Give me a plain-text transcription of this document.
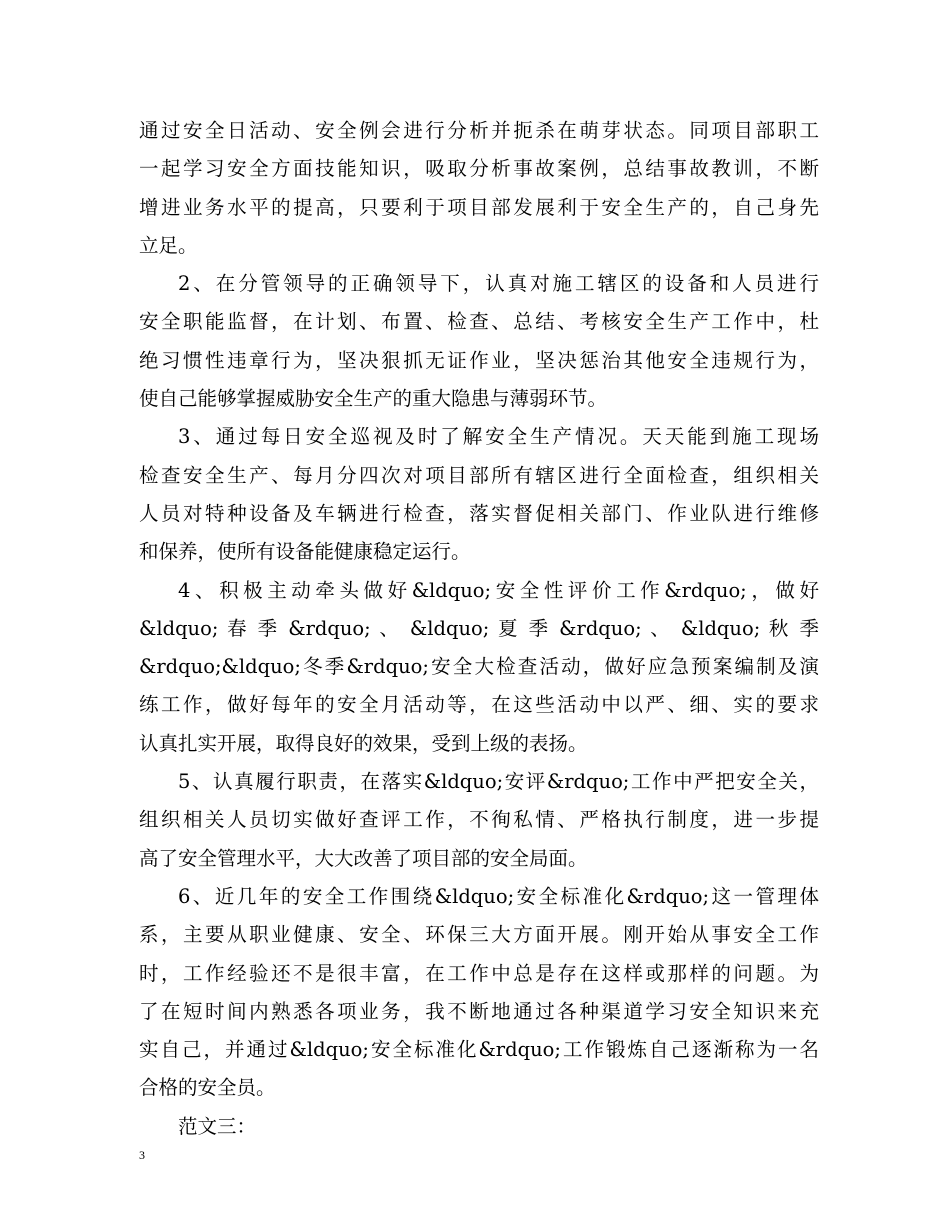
通过安全日活动、安全例会进行分析并扼杀在萌芽状态。同项目部职工
一起学习安全方面技能知识，吸取分析事故案例，总结事故教训，不断
增进业务水平的提高，只要利于项目部发展利于安全生产的，自己身先
立足。
2、在分管领导的正确领导下，认真对施工辖区的设备和人员进行
安全职能监督，在计划、布置、检查、总结、考核安全生产工作中，杜
绝习惯性违章行为，坚决狠抓无证作业，坚决惩治其他安全违规行为，
使自己能够掌握威胁安全生产的重大隐患与薄弱环节。
3、通过每日安全巡视及时了解安全生产情况。天天能到施工现场
检查安全生产、每月分四次对项目部所有辖区进行全面检查，组织相关
人员对特种设备及车辆进行检查，落实督促相关部门、作业队进行维修
和保养，使所有设备能健康稳定运行。
4、积极主动牵头做好&ldquo;安全性评价工作&rdquo;，做好
&ldquo; 春 季 &rdquo; 、 &ldquo; 夏 季 &rdquo; 、 &ldquo; 秋 季
&rdquo;&ldquo;冬季&rdquo;安全大检查活动，做好应急预案编制及演
练工作，做好每年的安全月活动等，在这些活动中以严、细、实的要求
认真扎实开展，取得良好的效果，受到上级的表扬。
5、认真履行职责，在落实&ldquo;安评&rdquo;工作中严把安全关，
组织相关人员切实做好查评工作，不徇私情、严格执行制度，进一步提
高了安全管理水平，大大改善了项目部的安全局面。
6、近几年的安全工作围绕&ldquo;安全标准化&rdquo;这一管理体
系，主要从职业健康、安全、环保三大方面开展。刚开始从事安全工作
时，工作经验还不是很丰富，在工作中总是存在这样或那样的问题。为
了在短时间内熟悉各项业务，我不断地通过各种渠道学习安全知识来充
实自己，并通过&ldquo;安全标准化&rdquo;工作锻炼自己逐渐称为一名
合格的安全员。
范文三：
3
